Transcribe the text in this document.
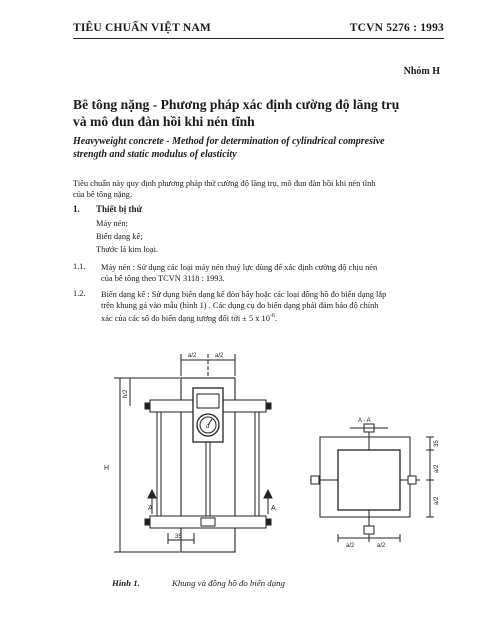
TIÊU CHUẨN VIỆT NAM	TCVN 5276 : 1993
Nhóm H
Bê tông nặng - Phương pháp xác định cường độ lăng trụ
và mô đun đàn hồi khi nén tĩnh
Heavyweight concrete - Method for determination of cylindrical compresive
strength and static modulus of elasticity
Tiêu chuẩn này quy định phương pháp thử cường độ lăng trụ, mô đun đàn hồi khi nén tĩnh
của bê tông nặng.
1. Thiết bị thử
Máy nén;
Biến dạng kế;
Thước lá kim loại.
1.1. Máy nén : Sử dụng các loại máy nén thuỷ lực dùng để xác định cường độ chịu nén
của bê tông theo TCVN 3118 : 1993.
1.2. Biến dạng kế : Sử dụng biến dạng kế đòn bẩy hoặc các loại đồng hồ đo biến dạng lắp
trên khung gá vào mẫu (hình 1) . Các dụng cụ đo biến dạng phải đảm bảo độ chính
xác của các số đo biến dạng tương đối tới ± 5 x $10^{-6}$.
a/2	a/2
H
h/2
A	A
d
35
A - A
35
a/2
a/2
a/2	a/2
Hình 1.	Khung và đồng hồ đo biến dạng
